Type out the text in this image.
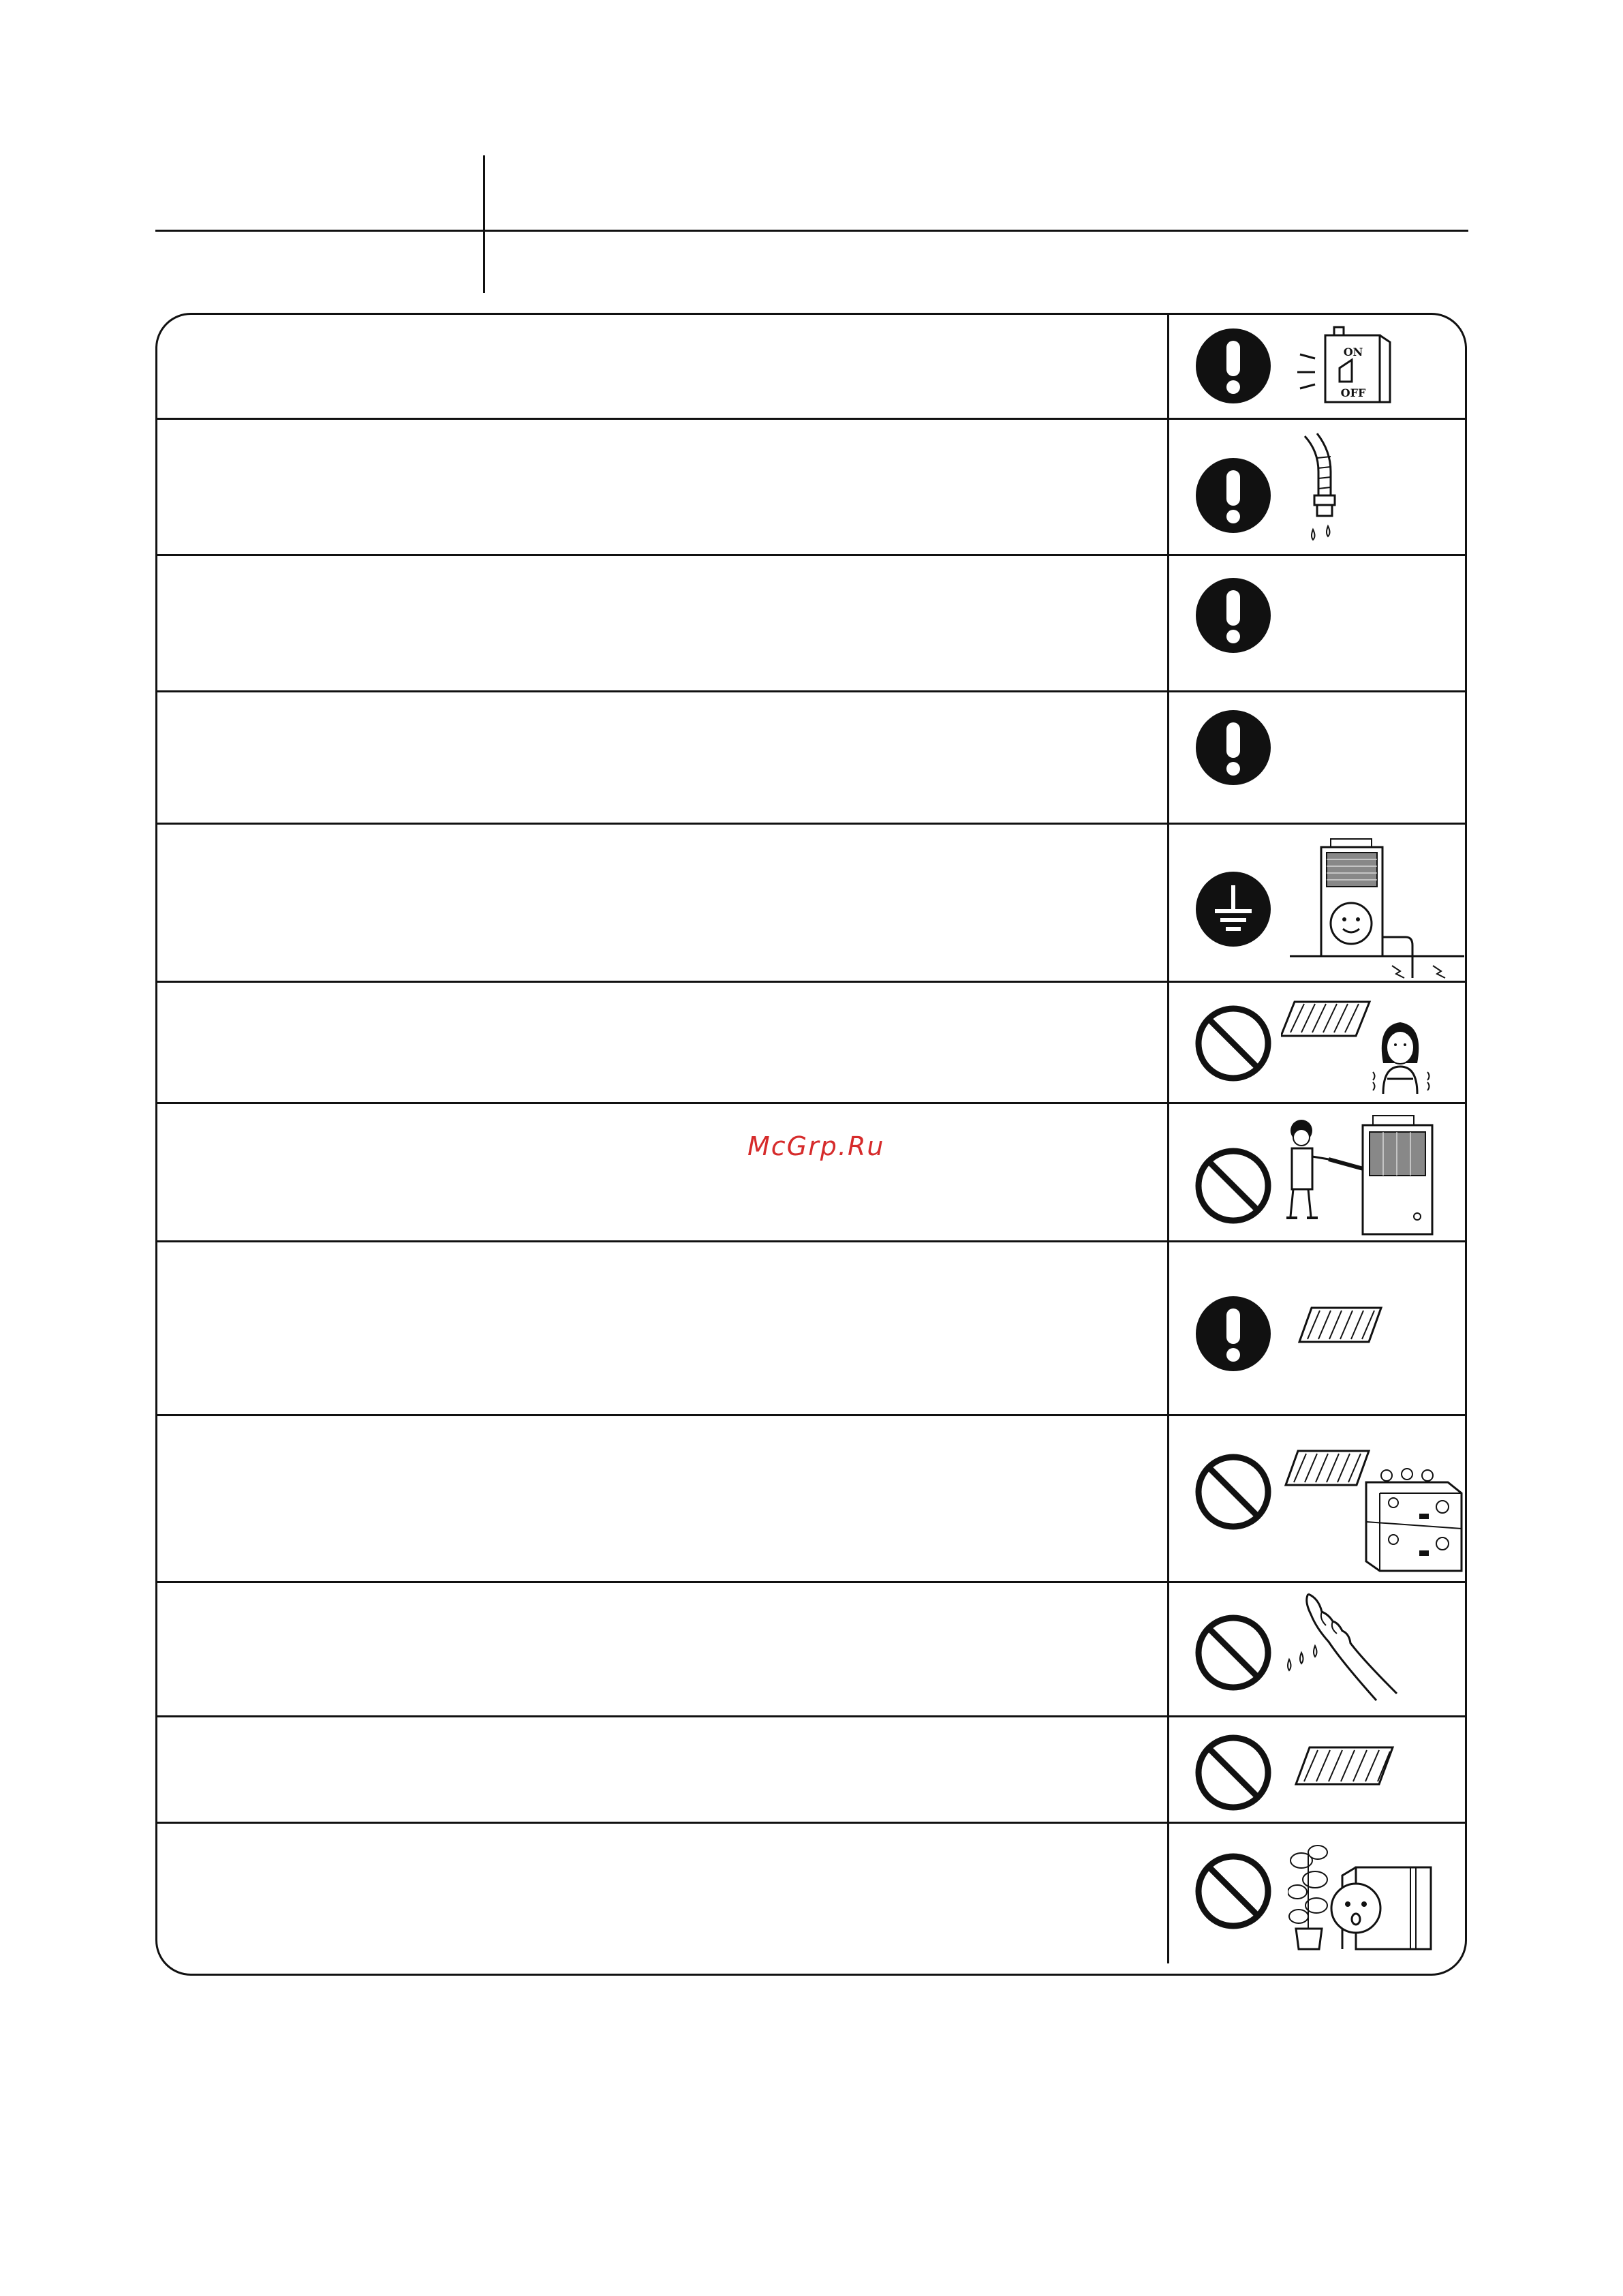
McGrp.Ru
ON
OFF
